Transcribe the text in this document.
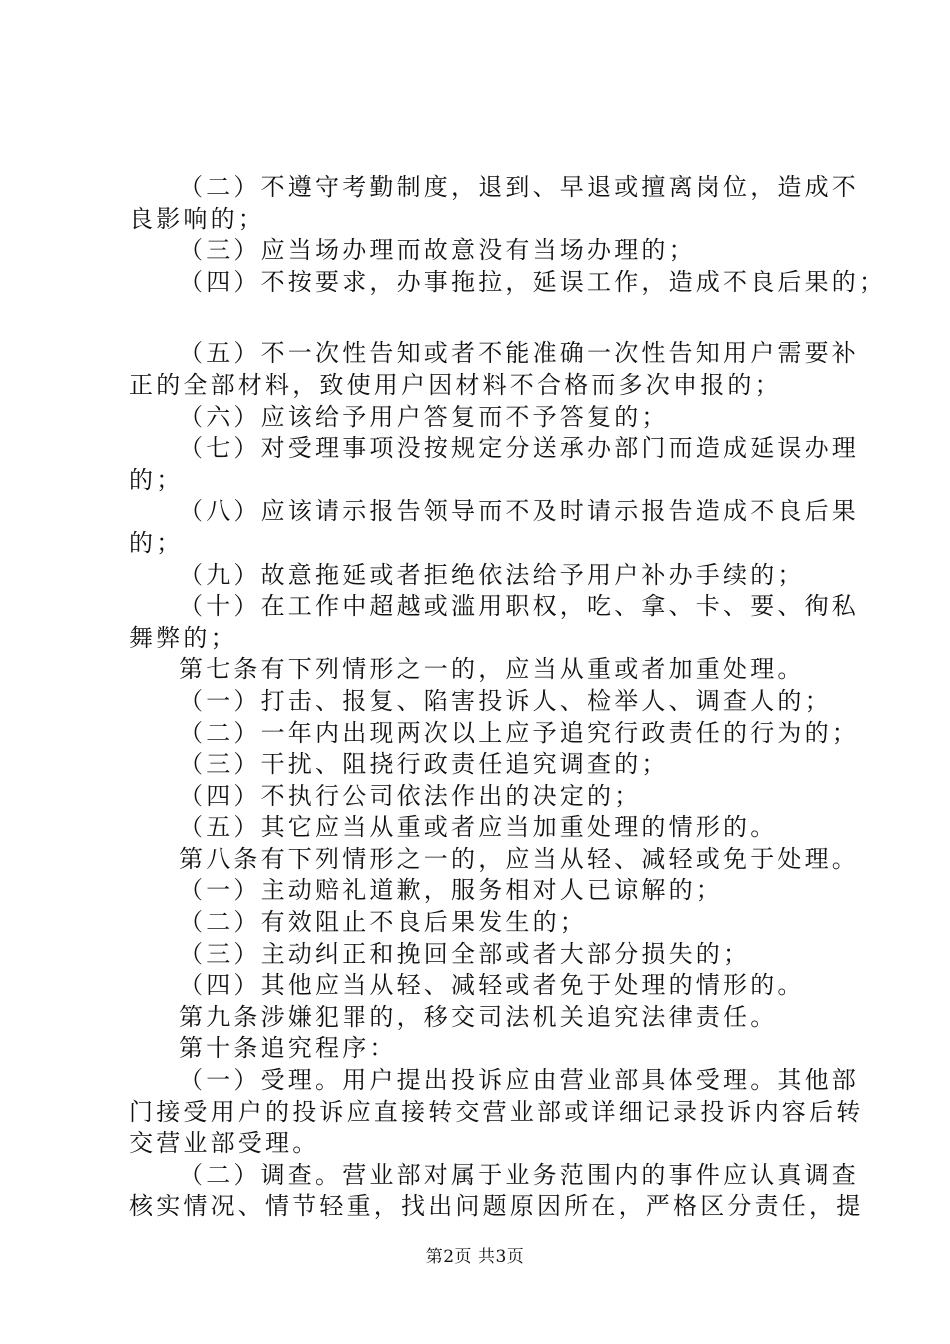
（二）不遵守考勤制度，退到、早退或擅离岗位，造成不
良影响的；
（三）应当场办理而故意没有当场办理的；
（四）不按要求，办事拖拉，延误工作，造成不良后果的；
（五）不一次性告知或者不能准确一次性告知用户需要补
正的全部材料，致使用户因材料不合格而多次申报的；
（六）应该给予用户答复而不予答复的；
（七）对受理事项没按规定分送承办部门而造成延误办理
的；
（八）应该请示报告领导而不及时请示报告造成不良后果
的；
（九）故意拖延或者拒绝依法给予用户补办手续的；
（十）在工作中超越或滥用职权，吃、拿、卡、要、徇私
舞弊的；
第七条有下列情形之一的，应当从重或者加重处理。
（一）打击、报复、陷害投诉人、检举人、调查人的；
（二）一年内出现两次以上应予追究行政责任的行为的；
（三）干扰、阻挠行政责任追究调查的；
（四）不执行公司依法作出的决定的；
（五）其它应当从重或者应当加重处理的情形的。
第八条有下列情形之一的，应当从轻、减轻或免于处理。
（一）主动赔礼道歉，服务相对人已谅解的；
（二）有效阻止不良后果发生的；
（三）主动纠正和挽回全部或者大部分损失的；
（四）其他应当从轻、减轻或者免于处理的情形的。
第九条涉嫌犯罪的，移交司法机关追究法律责任。
第十条追究程序：
（一）受理。用户提出投诉应由营业部具体受理。其他部
门接受用户的投诉应直接转交营业部或详细记录投诉内容后转
交营业部受理。
（二）调查。营业部对属于业务范围内的事件应认真调查
核实情况、情节轻重，找出问题原因所在，严格区分责任，提
第2页 共3页
